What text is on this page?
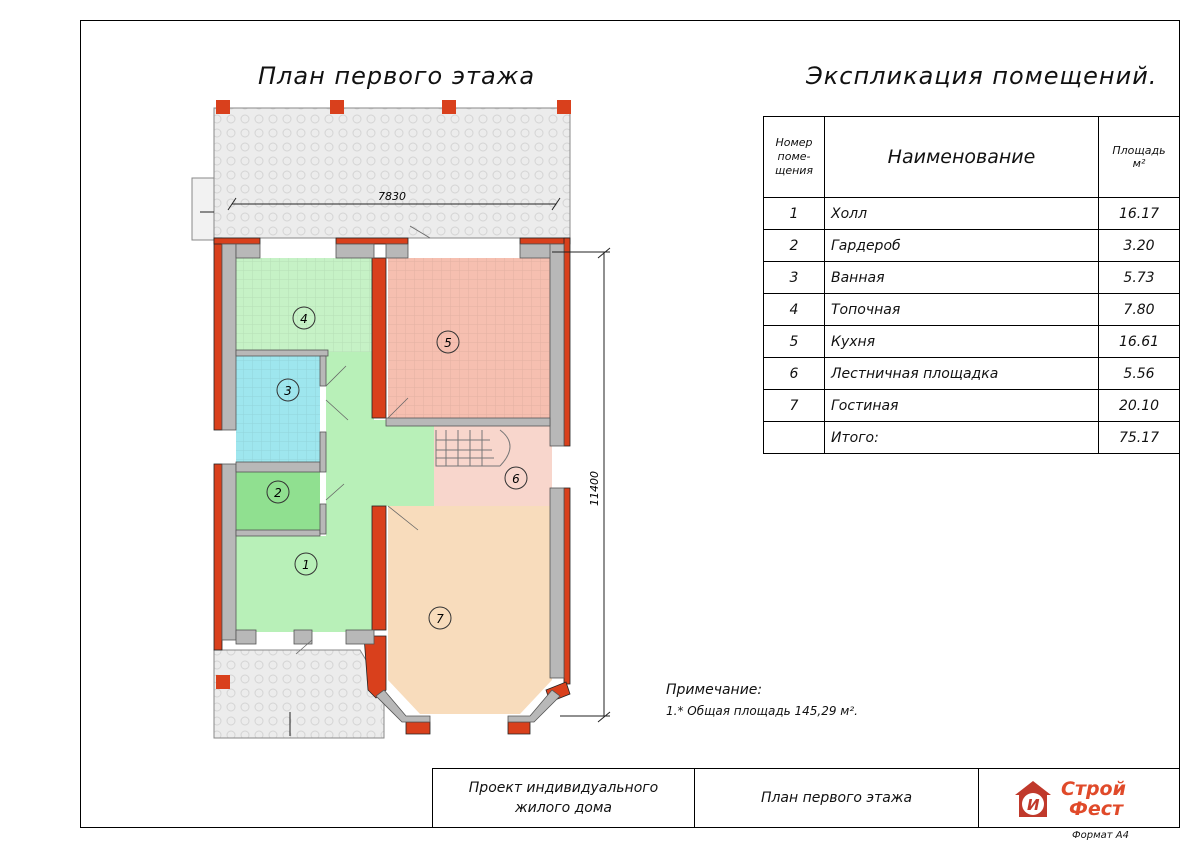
План первого этажа	Экспликация помещений.
7830
11400
1
2
3
4
5
6
7
Номер
поме-
щения	Наименование	Площадь
м²
1	Холл	16.17
2	Гардероб	3.20
3	Ванная	5.73
4	Топочная	7.80
5	Кухня	16.61
6	Лестничная площадка	5.56
7	Гостиная	20.10
	Итого:	75.17
Примечание:
1.* Общая площадь 145,29 м².
Проект индивидуального
жилого дома
План первого этажа	И
Строй
Фест
Формат А4
